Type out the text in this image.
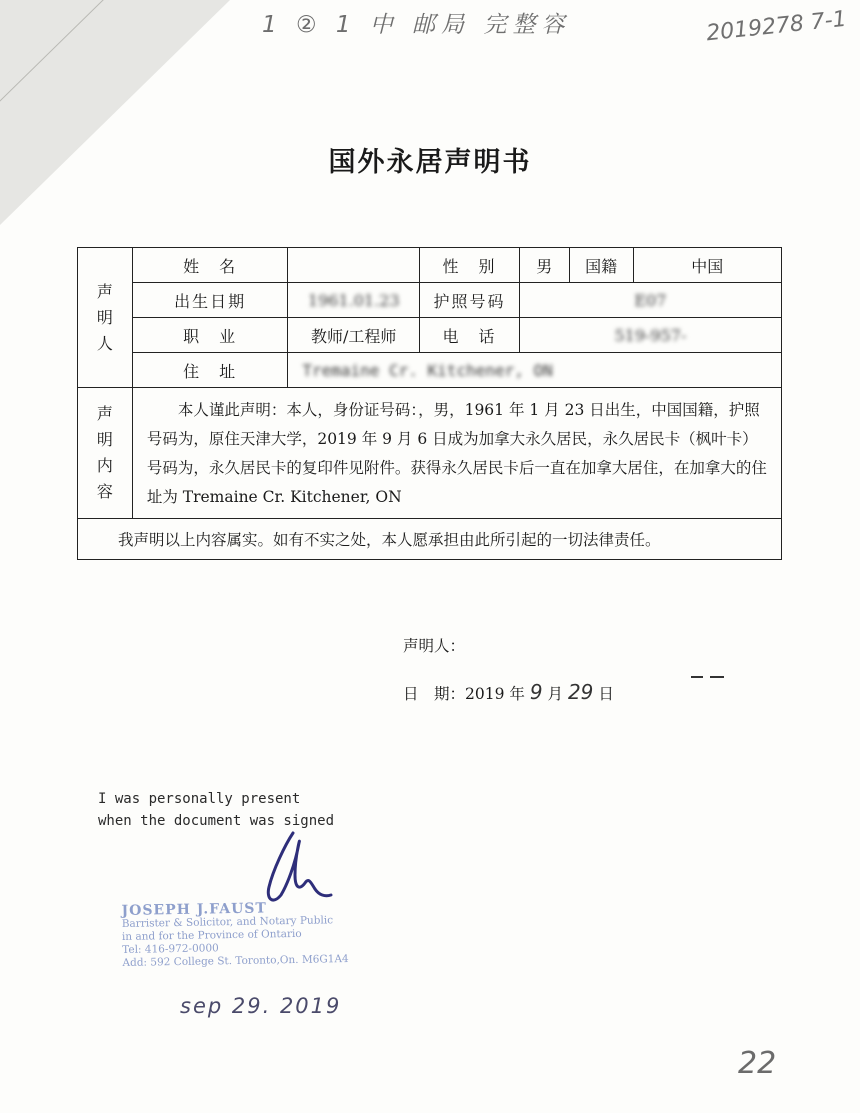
1 ② 1 中 邮局 完整容	2019278 7-1
国外永居声明书
声
明
人	姓　名		性　别	男	国籍	中国
	出生日期	1961.01.23	护照号码	E07		
	职　业	教师/工程师	电　话	519-957-		
	住　址	Tremaine Cr. Kitchener, ON				

声
明
内
容	本人谨此声明：本人，身份证号码：，男，1961 年 1 月 23 日出生，中国国籍，护照号码为，原住天津大学，2019 年 9 月 6 日成为加拿大永久居民，永久居民卡（枫叶卡）号码为，永久居民卡的复印件见附件。获得永久居民卡后一直在加拿大居住，在加拿大的住址为 Tremaine Cr. Kitchener, ON					

我声明以上内容属实。如有不实之处，本人愿承担由此所引起的一切法律责任。						
声明人：
日　期：2019 年 9 月 29 日
I was personally present
when the document was signed
JOSEPH J.FAUST
Barrister & Solicitor, and Notary Public
in and for the Province of Ontario
Tel: 416-972-0000
Add: 592 College St. Toronto,On. M6G1A4
sep 29. 2019
22
